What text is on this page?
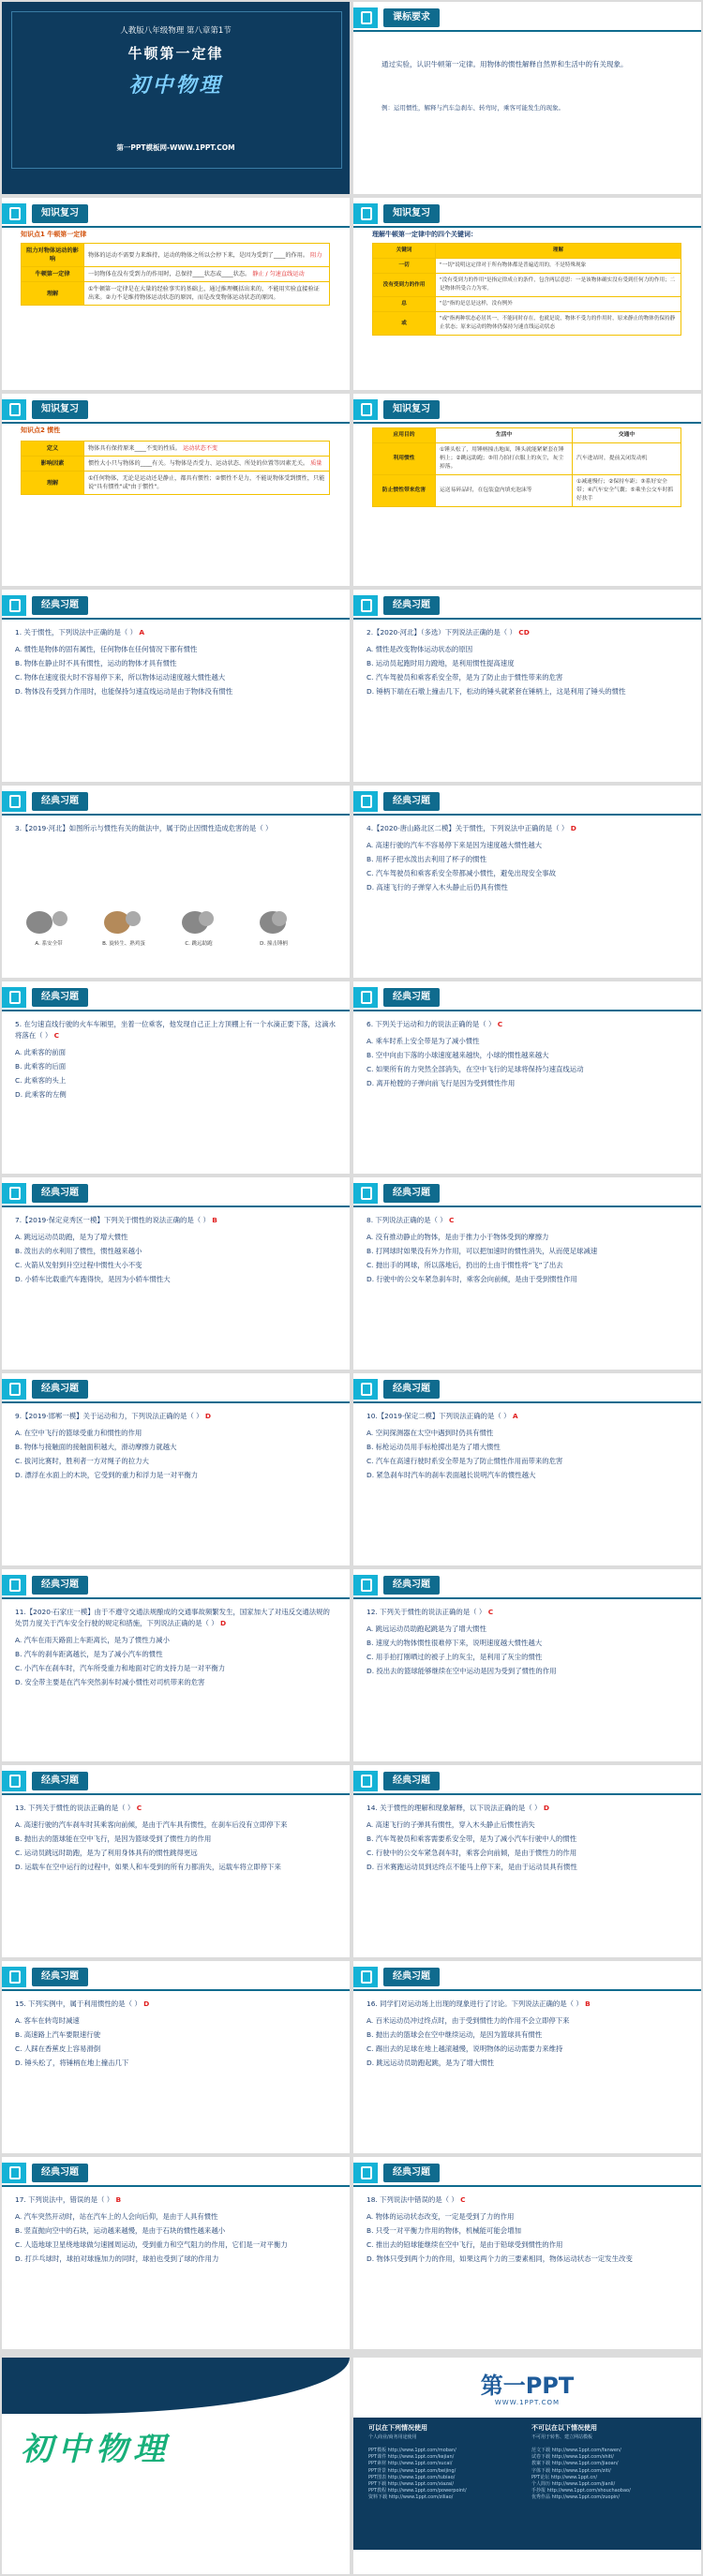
人教版八年级物理 第八章第1节
牛顿第一定律
初中物理
第一PPT模板网-WWW.1PPT.COM
课标要求
通过实验，认识牛顿第一定律。用物体的惯性解释自然界和生活中的有关现象。
例：运用惯性，解释与汽车急刹车、转弯时，乘客可能发生的现象。
知识复习
知识点1 牛顿第一定律
阻力对物体运动的影响	物体的运动不需要力来维持，运动的物体之所以会停下来，是因为受到了____的作用。 阻力
牛顿第一定律	一切物体在没有受到力的作用时，总保持____状态或____状态。 静止 / 匀速直线运动
理解	①牛顿第一定律是在大量的经验事实的基础上，通过推理概括出来的，不能用实验直接验证出来。②力不是维持物体运动状态的原因，而是改变物体运动状态的原因。
知识复习
理解牛顿第一定律中的四个关键词：
关键词	理解
一切	"一切"说明这定律对于所有物体都是普遍适用的，不是特殊现象
没有受到力的作用	"没有受到力的作用"是指定律成立的条件，包含两层意思：一是该物体确实没有受到任何力的作用；二是物体所受合力为零。
总	"总"指的是总是这样，没有例外
或	"或"指两种状态必居其一，不能同时存在，也就是说，物体不受力的作用时，原来静止的物体仍保持静止状态；原来运动的物体仍保持匀速直线运动状态
知识复习
知识点2 惯性
定义	物体具有保持原来____不变的性质。 运动状态不变
影响因素	惯性大小只与物体的____有关。与物体是否受力、运动状态、所处的位置等因素无关。 质量
理解	①任何物体，无论是运动还是静止，都具有惯性；②惯性不是力，不能说物体受到惯性，只能说"具有惯性"或"由于惯性"。
知识复习
应用目的	生活中	交通中
利用惯性	①锤头松了，用锤柄撞击地面，锤头就能紧紧套在锤柄上；②跳远助跑；③用力拍打衣服上的灰尘，灰尘掉落。	汽车进站时，提前关闭发动机
防止惯性带来危害	运送易碎品时，在包装盒内填充泡沫等	①减速慢行；②保持车距；③系好安全带；④汽车安全气囊；⑤乘坐公交车时抓好扶手
经典习题
1. 关于惯性，下列说法中正确的是（ ） A
A. 惯性是物体的固有属性，任何物体在任何情况下都有惯性
B. 物体在静止时不具有惯性，运动的物体才具有惯性
C. 物体在速度很大时不容易停下来，所以物体运动速度越大惯性越大
D. 物体没有受到力作用时，也能保持匀速直线运动是由于物体没有惯性
经典习题
2.【2020·河北】（多选）下列说法正确的是（ ） CD
A. 惯性是改变物体运动状态的原因
B. 运动员起跑时用力蹬地，是利用惯性提高速度
C. 汽车驾驶员和乘客系安全带，是为了防止由于惯性带来的危害
D. 锤柄下端在石墩上撞击几下，松动的锤头就紧套在锤柄上，这是利用了锤头的惯性
经典习题
3.【2019·河北】如图所示与惯性有关的做法中，属于防止因惯性造成危害的是（ ）
A. 系安全带	B. 旋转生、熟鸡蛋	C. 跳远助跑	D. 撞击锤柄
经典习题
4.【2020·唐山路北区二模】关于惯性，下列说法中正确的是（ ） D
A. 高速行驶的汽车不容易停下来是因为速度越大惯性越大
B. 用杯子把水泼出去利用了杯子的惯性
C. 汽车驾驶员和乘客系安全带都减小惯性，避免出现安全事故
D. 高速飞行的子弹穿入木头静止后仍具有惯性
经典习题
5. 在匀速直线行驶的火车车厢里，坐着一位乘客，他发现自己正上方顶棚上有一个水滴正要下落，这滴水将落在（ ） C
A. 此乘客的前面
B. 此乘客的后面
C. 此乘客的头上
D. 此乘客的左侧
经典习题
6. 下列关于运动和力的说法正确的是（ ） C
A. 乘车时系上安全带是为了减小惯性
B. 空中向由下落的小球速度越来越快，小球的惯性越来越大
C. 如果所有的力突然全部消失，在空中飞行的足球将保持匀速直线运动
D. 离开枪膛的子弹向前飞行是因为受到惯性作用
经典习题
7.【2019·保定竞秀区一模】下列关于惯性的说法正确的是（ ） B
A. 跳远运动员助跑，是为了增大惯性
B. 泼出去的水利用了惯性，惯性越来越小
C. 火箭从发射到升空过程中惯性大小不变
D. 小轿车比载重汽车跑得快，是因为小轿车惯性大
经典习题
8. 下列说法正确的是（ ） C
A. 没有推动静止的物体，是由于推力小于物体受到的摩擦力
B. 打网球时如果没有外力作用，可以把加速时的惯性消失，从而使足球减速
C. 抛出手的网球，所以落地后，扔出的土由于惯性将“飞”了出去
D. 行驶中的公交车紧急刹车时，乘客会向前倾，是由于受到惯性作用
经典习题
9.【2019·邯郸一模】关于运动和力，下列说法正确的是（ ） D
A. 在空中飞行的篮球受重力和惯性的作用
B. 物体与接触面的接触面积越大，滑动摩擦力就越大
C. 拔河比赛时，胜利者一方对绳子的拉力大
D. 漂浮在水面上的木块，它受到的重力和浮力是一对平衡力
经典习题
10.【2019·保定二模】下列说法正确的是（ ） A
A. 空间探测器在太空中遇到时仍具有惯性
B. 标枪运动员用手标枪掷出是为了增大惯性
C. 汽车在高速行驶时系安全带是为了防止惯性作用而带来的危害
D. 紧急刹车时汽车的刹车表面越长说明汽车的惯性越大
经典习题
11.【2020·石家庄一模】由于不遵守交通法规酿成的交通事故频繁发生，国家加大了对违反交通法规的处罚力度关于汽车安全行驶的规定和措施，下列说法正确的是（ ） D
A. 汽车在雨天路面上车距离长，是为了惯性力减小
B. 汽车的刹车距离越长，是为了减小汽车的惯性
C. 小汽车在刹车时，汽车所受重力和地面对它的支持力是一对平衡力
D. 安全带主要是在汽车突然刹车时减小惯性对司机带来的危害
经典习题
12. 下列关于惯性的说法正确的是（ ） C
A. 跳远运动员助跑起跳是为了增大惯性
B. 速度大的物体惯性很难停下来，说明速度越大惯性越大
C. 用手拍打刚晒过的被子上的灰尘，是利用了灰尘的惯性
D. 投出去的篮球能够继续在空中运动是因为受到了惯性的作用
经典习题
13. 下列关于惯性的说法正确的是（ ） C
A. 高速行驶的汽车刹车时其乘客向前倾，是由于汽车具有惯性，在刹车后没有立即停下来
B. 抛出去的篮球能在空中飞行，是因为篮球受到了惯性力的作用
C. 运动员跳远时助跑，是为了利用身体具有的惯性跳得更远
D. 运载车在空中运行的过程中，如果人和车受到的所有力都消失，运载车将立即停下来
经典习题
14. 关于惯性的理解和现象解释，以下说法正确的是（ ） D
A. 高速飞行的子弹具有惯性，穿入木头静止后惯性消失
B. 汽车驾驶员和乘客需要系安全带，是为了减小汽车行驶中人的惯性
C. 行驶中的公交车紧急刹车时，乘客会向前倾，是由于惯性力的作用
D. 百米赛跑运动员到达终点不能马上停下来，是由于运动员具有惯性
经典习题
15. 下列实例中，属于利用惯性的是（ ） D
A. 客车在转弯时减速
B. 高速路上汽车要限速行驶
C. 人踩在香蕉皮上容易滑倒
D. 锤头松了，将锤柄在地上撞击几下
经典习题
16. 同学们对运动场上出现的现象进行了讨论。下列说法正确的是（ ） B
A. 百米运动员冲过终点时，由于受到惯性力的作用不会立即停下来
B. 抛出去的篮球会在空中继续运动，是因为篮球具有惯性
C. 踢出去的足球在地上越滚越慢，说明物体的运动需要力来维持
D. 跳远运动员助跑起跳，是为了增大惯性
经典习题
17. 下列说法中，错误的是（ ） B
A. 汽车突然开动时，站在汽车上的人会向后仰，是由于人具有惯性
B. 竖直抛向空中的石块，运动越来越慢，是由于石块的惯性越来越小
C. 人造地球卫星绕地球做匀速圆周运动，受到重力和空气阻力的作用，它们是一对平衡力
D. 打乒乓球时，球拍对球施加力的同时，球拍也受到了球的作用力
经典习题
18. 下列说法中错误的是（ ） C
A. 物体的运动状态改变，一定是受到了力的作用
B. 只受一对平衡力作用的物体，机械能可能会增加
C. 推出去的铅球能继续在空中飞行，是由于铅球受到惯性的作用
D. 物体只受到两个力的作用，如果这两个力的三要素相同，物体运动状态一定发生改变
初中物理
第一PPT
WWW.1PPT.COM
可以在下列情况使用
个人商业/商务用途使用
不可以在以下情况使用
不可用于转售、建立网站模板
PPT模板 http://www.1ppt.com/moban/
PPT课件 http://www.1ppt.com/kejian/
PPT素材 http://www.1ppt.com/sucai/
PPT背景 http://www.1ppt.com/beijing/
PPT图表 http://www.1ppt.com/tubiao/
PPT下载 http://www.1ppt.com/xiazai/
PPT教程 http://www.1ppt.com/powerpoint/
资料下载 http://www.1ppt.com/ziliao/
范文下载 http://www.1ppt.com/fanwen/
试卷下载 http://www.1ppt.com/shiti/
教案下载 http://www.1ppt.com/jiaoan/
字体下载 http://www.1ppt.com/ziti/
PPT论坛 http://www.1ppt.cn/
个人简历 http://www.1ppt.com/jianli/
手抄报 http://www.1ppt.com/shouchaobao/
优秀作品 http://www.1ppt.com/zuopin/
